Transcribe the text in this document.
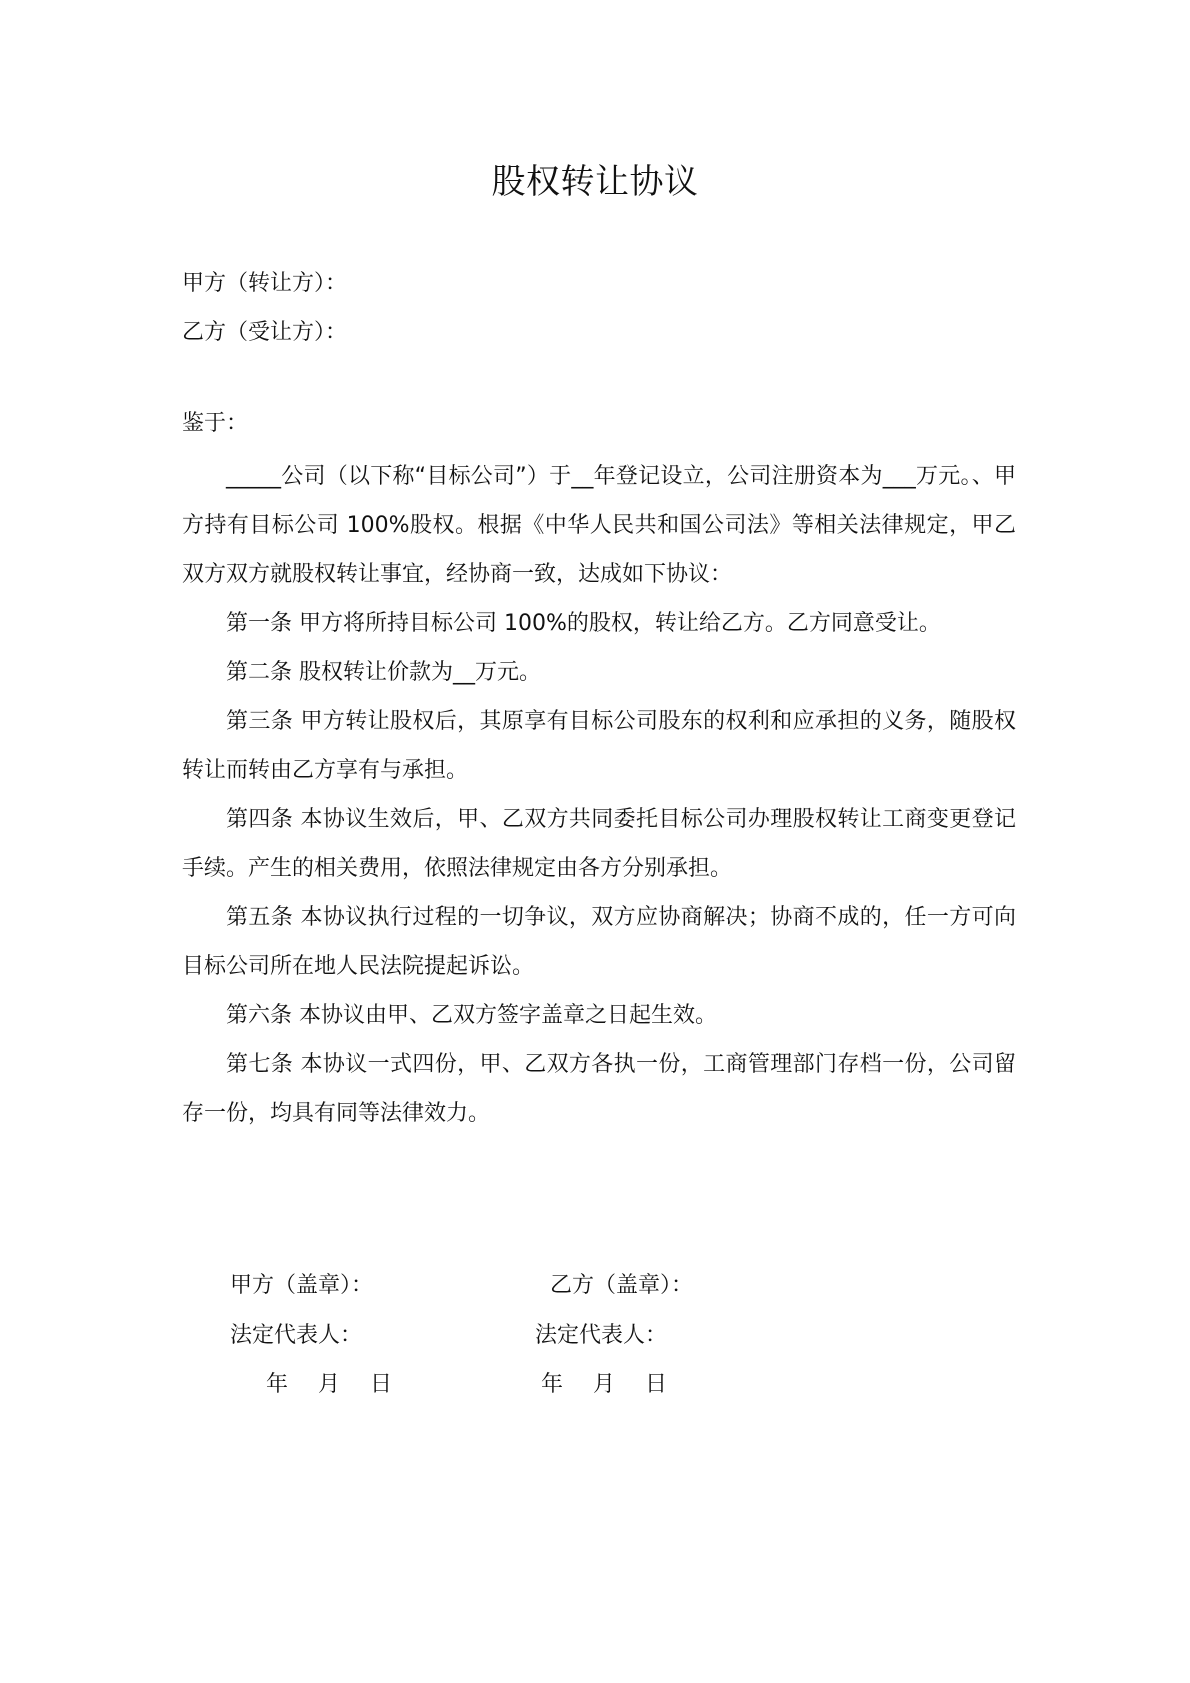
股权转让协议
甲方（转让方）：
乙方（受让方）：
鉴于：

_____公司（以下称“目标公司”）于__年登记设立，公司注册资本为___万元。、甲方持有目标公司 100%股权。根据《中华人民共和国公司法》等相关法律规定，甲乙双方双方就股权转让事宜，经协商一致，达成如下协议：

第一条 甲方将所持目标公司 100%的股权，转让给乙方。乙方同意受让。

第二条 股权转让价款为__万元。

第三条 甲方转让股权后，其原享有目标公司股东的权利和应承担的义务，随股权转让而转由乙方享有与承担。

第四条 本协议生效后，甲、乙双方共同委托目标公司办理股权转让工商变更登记手续。产生的相关费用，依照法律规定由各方分别承担。

第五条 本协议执行过程的一切争议，双方应协商解决；协商不成的，任一方可向目标公司所在地人民法院提起诉讼。

第六条 本协议由甲、乙双方签字盖章之日起生效。

第七条 本协议一式四份，甲、乙双方各执一份，工商管理部门存档一份，公司留存一份，均具有同等法律效力。

甲方（盖章）：	乙方（盖章）：
法定代表人：	法定代表人：
年 月 日	年 月 日
